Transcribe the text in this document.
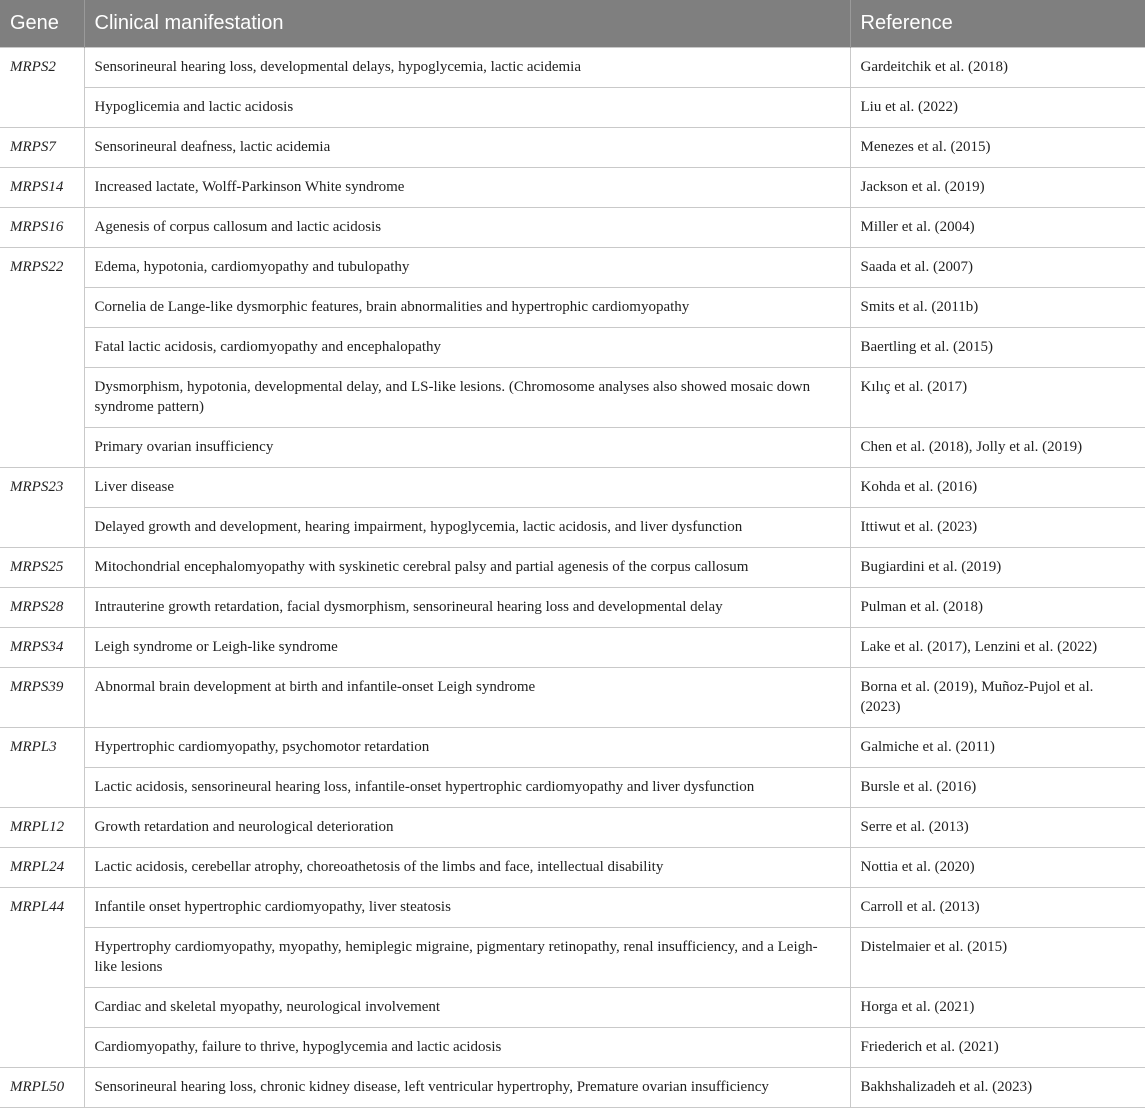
Gene	Clinical manifestation	Reference
MRPS2	Sensorineural hearing loss, developmental delays, hypoglycemia, lactic acidemia	Gardeitchik et al. (2018)
	Hypoglicemia and lactic acidosis	Liu et al. (2022)
MRPS7	Sensorineural deafness, lactic acidemia	Menezes et al. (2015)
MRPS14	Increased lactate, Wolff-Parkinson White syndrome	Jackson et al. (2019)
MRPS16	Agenesis of corpus callosum and lactic acidosis	Miller et al. (2004)
MRPS22	Edema, hypotonia, cardiomyopathy and tubulopathy	Saada et al. (2007)
	Cornelia de Lange-like dysmorphic features, brain abnormalities and hypertrophic cardiomyopathy	Smits et al. (2011b)
	Fatal lactic acidosis, cardiomyopathy and encephalopathy	Baertling et al. (2015)
	Dysmorphism, hypotonia, developmental delay, and LS-like lesions. (Chromosome analyses also showed mosaic down syndrome pattern)	Kılıç et al. (2017)
	Primary ovarian insufficiency	Chen et al. (2018), Jolly et al. (2019)
MRPS23	Liver disease	Kohda et al. (2016)
	Delayed growth and development, hearing impairment, hypoglycemia, lactic acidosis, and liver dysfunction	Ittiwut et al. (2023)
MRPS25	Mitochondrial encephalomyopathy with syskinetic cerebral palsy and partial agenesis of the corpus callosum	Bugiardini et al. (2019)
MRPS28	Intrauterine growth retardation, facial dysmorphism, sensorineural hearing loss and developmental delay	Pulman et al. (2018)
MRPS34	Leigh syndrome or Leigh-like syndrome	Lake et al. (2017), Lenzini et al. (2022)
MRPS39	Abnormal brain development at birth and infantile-onset Leigh syndrome	Borna et al. (2019), Muñoz-Pujol et al. (2023)
MRPL3	Hypertrophic cardiomyopathy, psychomotor retardation	Galmiche et al. (2011)
	Lactic acidosis, sensorineural hearing loss, infantile-onset hypertrophic cardiomyopathy and liver dysfunction	Bursle et al. (2016)
MRPL12	Growth retardation and neurological deterioration	Serre et al. (2013)
MRPL24	Lactic acidosis, cerebellar atrophy, choreoathetosis of the limbs and face, intellectual disability	Nottia et al. (2020)
MRPL44	Infantile onset hypertrophic cardiomyopathy, liver steatosis	Carroll et al. (2013)
	Hypertrophy cardiomyopathy, myopathy, hemiplegic migraine, pigmentary retinopathy, renal insufficiency, and a Leigh-like lesions	Distelmaier et al. (2015)
	Cardiac and skeletal myopathy, neurological involvement	Horga et al. (2021)
	Cardiomyopathy, failure to thrive, hypoglycemia and lactic acidosis	Friederich et al. (2021)
MRPL50	Sensorineural hearing loss, chronic kidney disease, left ventricular hypertrophy, Premature ovarian insufficiency	Bakhshalizadeh et al. (2023)
